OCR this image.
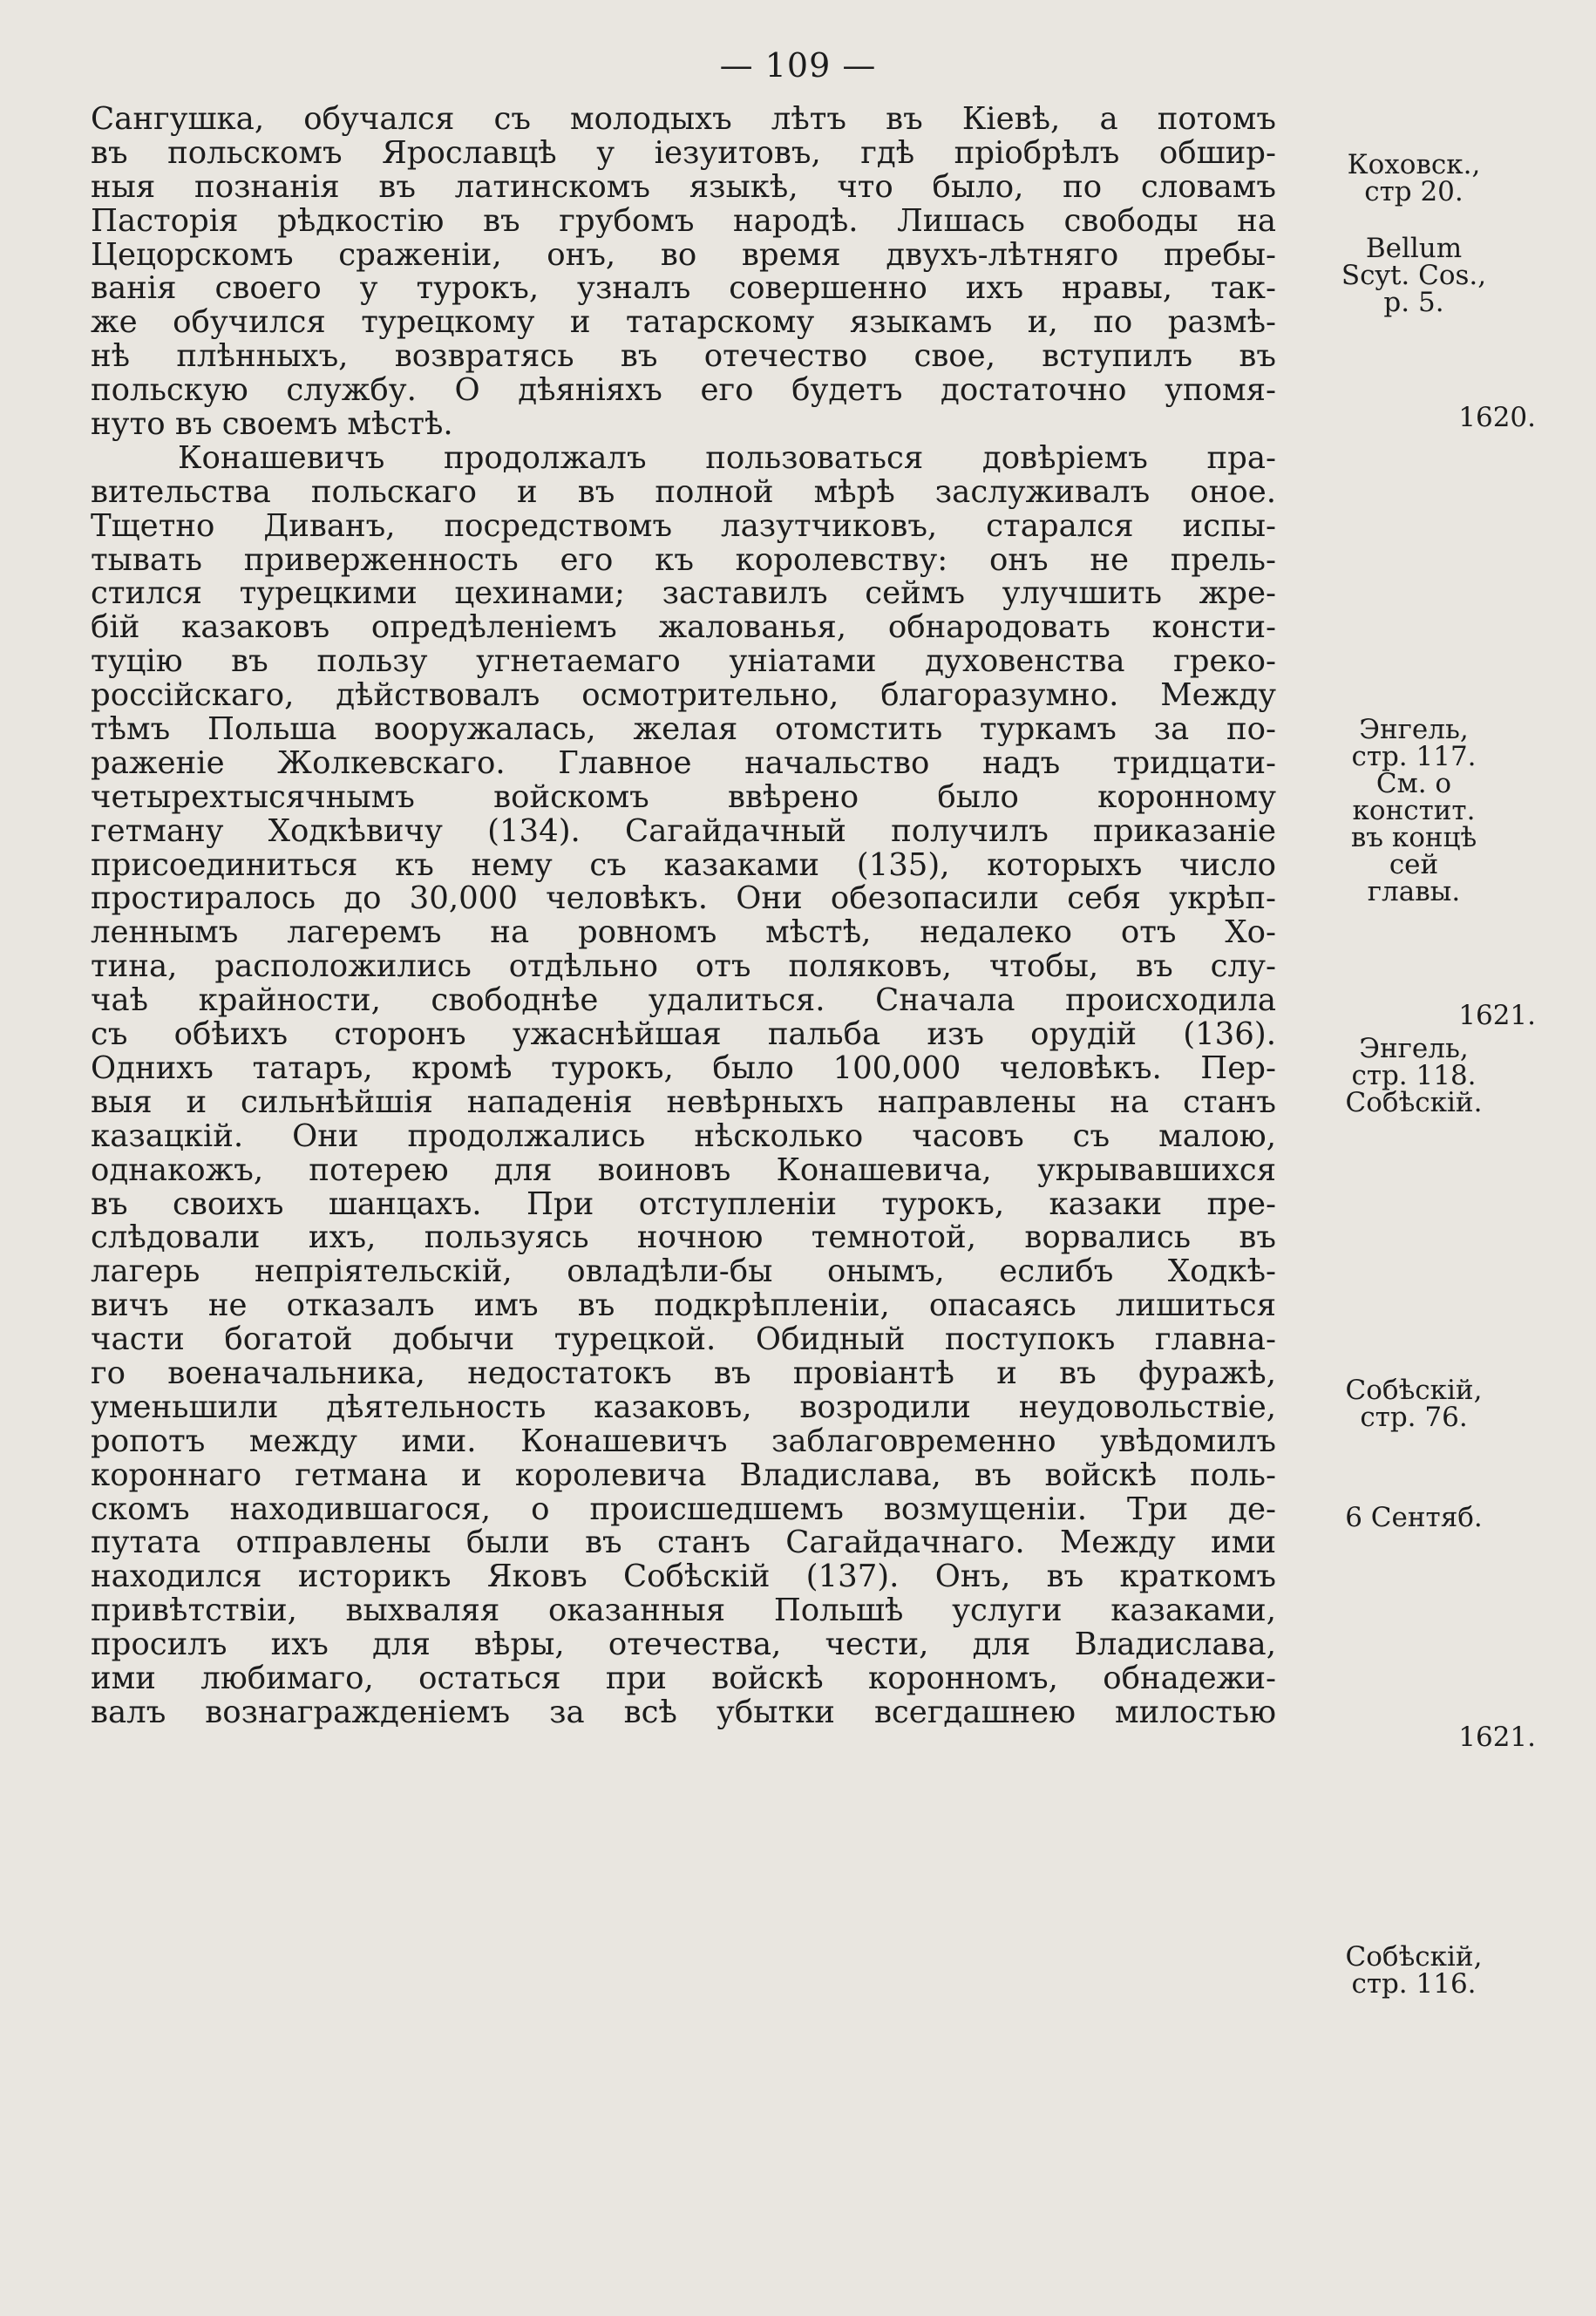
— 109 —
Сангушка, обучался съ молодыхъ лѣтъ въ Кіевѣ, а потомъ
въ польскомъ Ярославцѣ у іезуитовъ, гдѣ пріобрѣлъ обшир-
ныя познанія въ латинскомъ языкѣ, что было, по словамъ
Пасторія рѣдкостію въ грубомъ народѣ. Лишась свободы на
Цецорскомъ сраженіи, онъ, во время двухъ-лѣтняго пребы-
ванія своего у турокъ, узналъ совершенно ихъ нравы, так-
же обучился турецкому и татарскому языкамъ и, по размѣ-
нѣ плѣнныхъ, возвратясь въ отечество свое, вступилъ въ
польскую службу. О дѣяніяхъ его будетъ достаточно упомя-
нуто въ своемъ мѣстѣ.
Конашевичъ продолжалъ пользоваться довѣріемъ пра-
вительства польскаго и въ полной мѣрѣ заслуживалъ оное.
Тщетно Диванъ, посредствомъ лазутчиковъ, старался испы-
тывать приверженность его къ королевству: онъ не прель-
стился турецкими цехинами; заставилъ сеймъ улучшить жре-
бій казаковъ опредѣленіемъ жалованья, обнародовать консти-
туцію въ пользу угнетаемаго уніатами духовенства греко-
россійскаго, дѣйствовалъ осмотрительно, благоразумно. Между
тѣмъ Польша вооружалась, желая отомстить туркамъ за по-
раженіе Жолкевскаго. Главное начальство надъ тридцати-
четырехтысячнымъ войскомъ ввѣрено было коронному
гетману Ходкѣвичу (134). Сагайдачный получилъ приказаніе
присоединиться къ нему съ казаками (135), которыхъ число
простиралось до 30,000 человѣкъ. Они обезопасили себя укрѣп-
леннымъ лагеремъ на ровномъ мѣстѣ, недалеко отъ Хо-
тина, расположились отдѣльно отъ поляковъ, чтобы, въ слу-
чаѣ крайности, свободнѣе удалиться. Сначала происходила
съ обѣихъ сторонъ ужаснѣйшая пальба изъ орудій (136).
Однихъ татаръ, кромѣ турокъ, было 100,000 человѣкъ. Пер-
выя и сильнѣйшія нападенія невѣрныхъ направлены на станъ
казацкій. Они продолжались нѣсколько часовъ съ малою,
однакожъ, потерею для воиновъ Конашевича, укрывавшихся
въ своихъ шанцахъ. При отступленіи турокъ, казаки пре-
слѣдовали ихъ, пользуясь ночною темнотой, ворвались въ
лагерь непріятельскій, овладѣли-бы онымъ, еслибъ Ходкѣ-
вичъ не отказалъ имъ въ подкрѣпленіи, опасаясь лишиться
части богатой добычи турецкой. Обидный поступокъ главна-
го военачальника, недостатокъ въ провіантѣ и въ фуражѣ,
уменьшили дѣятельность казаковъ, возродили неудовольствіе,
ропотъ между ими. Конашевичъ заблаговременно увѣдомилъ
короннаго гетмана и королевича Владислава, въ войскѣ поль-
скомъ находившагося, о происшедшемъ возмущеніи. Три де-
путата отправлены были въ станъ Сагайдачнаго. Между ими
находился историкъ Яковъ Собѣскій (137). Онъ, въ краткомъ
привѣтствіи, выхваляя оказанныя Польшѣ услуги казаками,
просилъ ихъ для вѣры, отечества, чести, для Владислава,
ими любимаго, остаться при войскѣ коронномъ, обнадежи-
валъ вознагражденіемъ за всѣ убытки всегдашнею милостью
Коховск.,
стр 20.
Bellum
Scyt. Cos.,
p. 5.
1620.
Энгель,
стр. 117.
См. о
констит.
въ концѣ
сей
главы.
1621.
Энгель,
стр. 118.
Собѣскій.
Собѣскій,
стр. 76.
6 Сентяб.
1621.
Собѣскій,
стр. 116.
